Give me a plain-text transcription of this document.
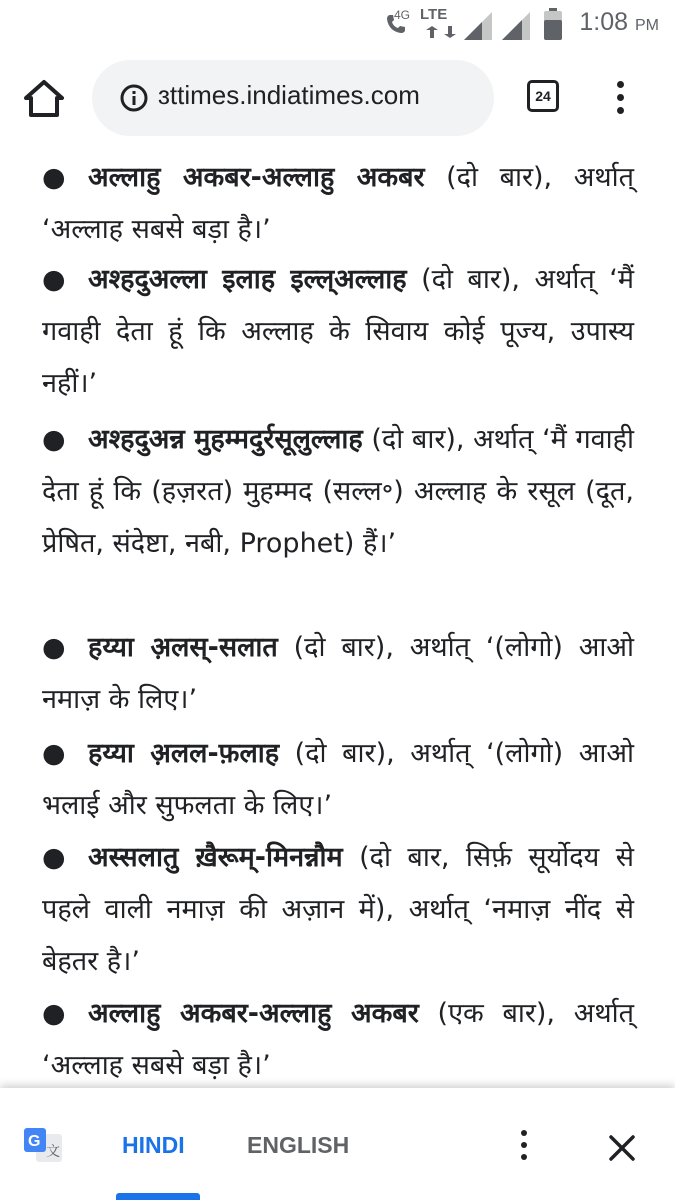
4G LTE	1:08 PM
ɜttimes.indiatimes.com	24
● अल्लाहु अकबर-अल्लाहु अकबर (दो बार), अर्थात् ‘अल्लाह सबसे बड़ा है।’
● अश्हदुअल्ला इलाह इल्ल्अल्लाह (दो बार), अर्थात् ‘मैं गवाही देता हूं कि अल्लाह के सिवाय कोई पूज्य, उपास्य नहीं।’
● अश्हदुअन्न मुहम्मदुर्रसूलुल्लाह (दो बार), अर्थात् ‘मैं गवाही देता हूं कि (हज़रत) मुहम्मद (सल्ल॰) अल्लाह के रसूल (दूत, प्रेषित, संदेष्टा, नबी, Prophet) हैं।’
● हय्या अ़लस्-सलात (दो बार), अर्थात् ‘(लोगो) आओ नमाज़ के लिए।’
● हय्या अ़लल-फ़लाह (दो बार), अर्थात् ‘(लोगो) आओ भलाई और सुफलता के लिए।’
● अस्सलातु ख़ैरूम्-मिनन्नौम (दो बार, सिर्फ़ सूर्योदय से पहले वाली नमाज़ की अज़ान में), अर्थात् ‘नमाज़ नींद से बेहतर है।’
● अल्लाहु अकबर-अल्लाहु अकबर (एक बार), अर्थात् ‘अल्लाह सबसे बड़ा है।’
文
G	HINDI	ENGLISH
